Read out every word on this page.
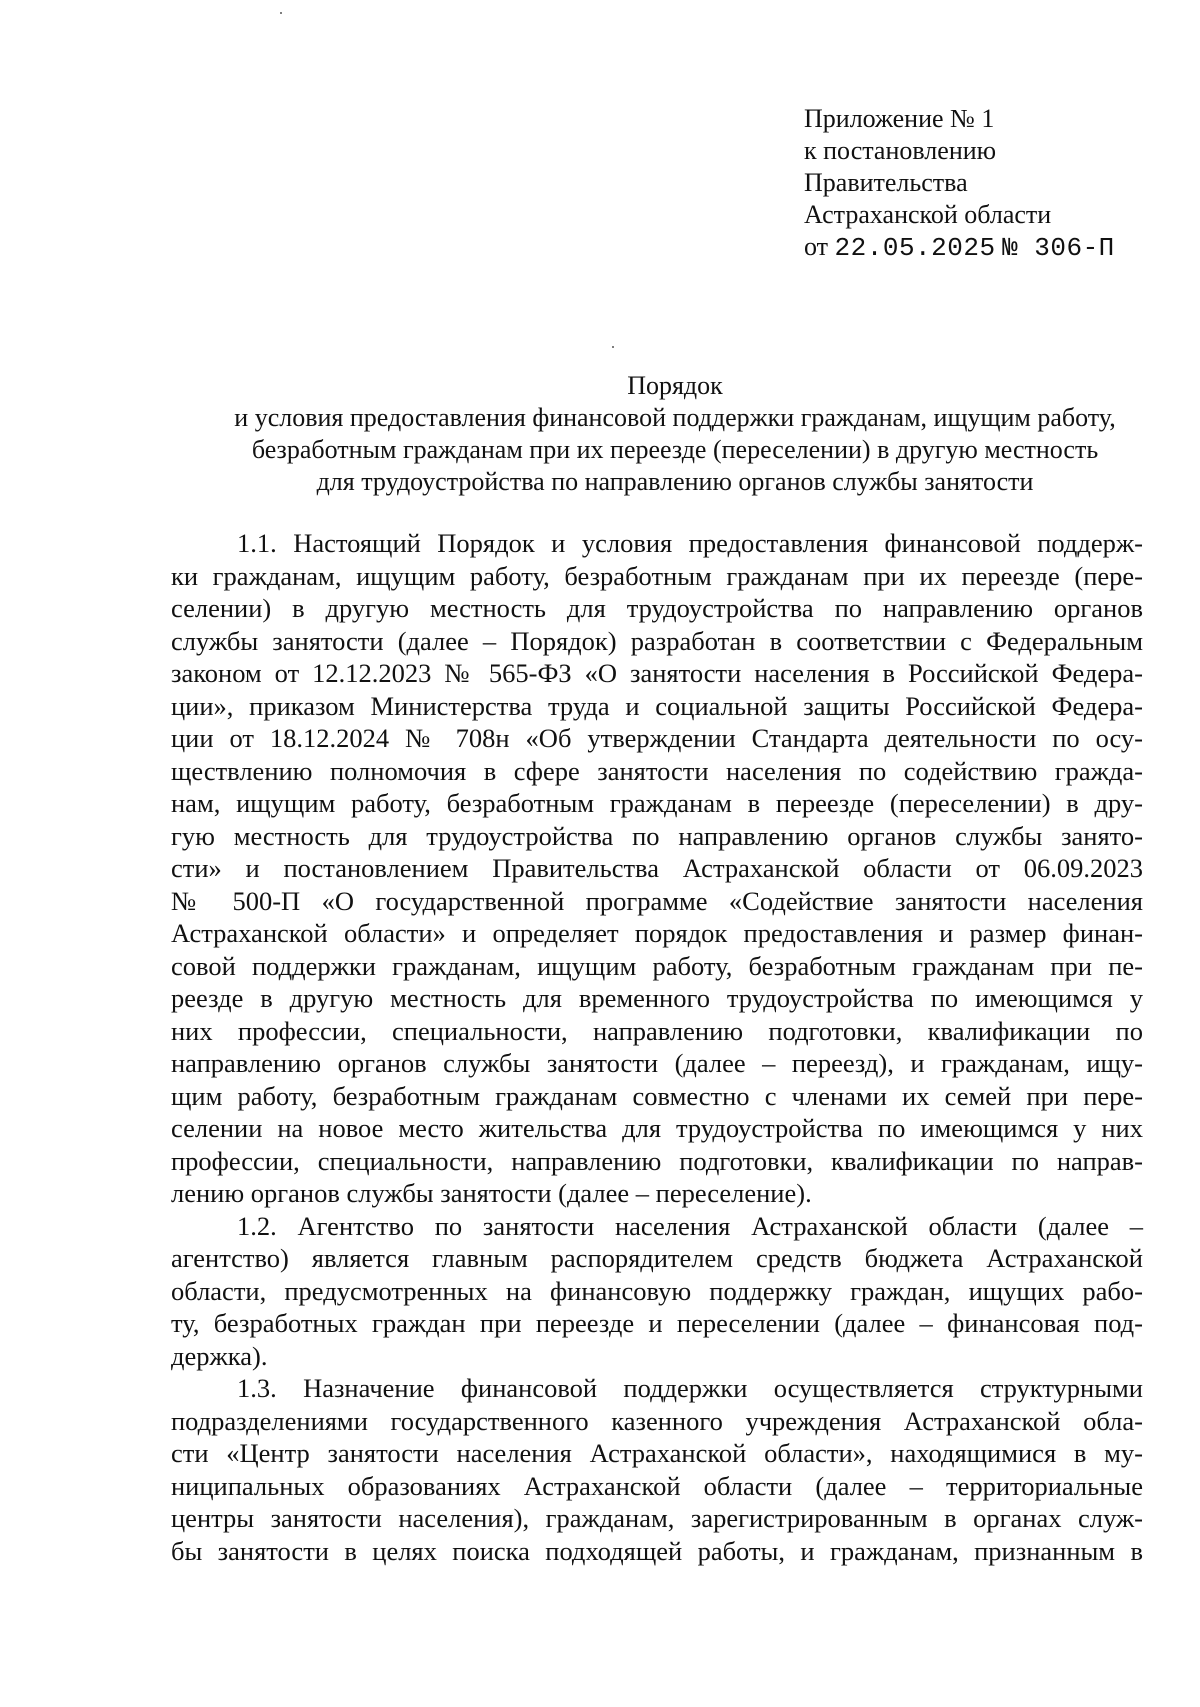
Приложение № 1
к постановлению
Правительства
Астраханской области
от 22.05.2025 № 306-П
Порядок
и условия предоставления финансовой поддержки гражданам, ищущим работу,
безработным гражданам при их переезде (переселении) в другую местность
для трудоустройства по направлению органов службы занятости
1.1. Настоящий Порядок и условия предоставления финансовой поддерж-
ки гражданам, ищущим работу, безработным гражданам при их переезде (пере-
селении) в другую местность для трудоустройства по направлению органов
службы занятости (далее – Порядок) разработан в соответствии с Федеральным
законом от 12.12.2023 № 565-ФЗ «О занятости населения в Российской Федера-
ции», приказом Министерства труда и социальной защиты Российской Федера-
ции от 18.12.2024 № 708н «Об утверждении Стандарта деятельности по осу-
ществлению полномочия в сфере занятости населения по содействию гражда-
нам, ищущим работу, безработным гражданам в переезде (переселении) в дру-
гую местность для трудоустройства по направлению органов службы занято-
сти» и постановлением Правительства Астраханской области от 06.09.2023
№ 500-П «О государственной программе «Содействие занятости населения
Астраханской области» и определяет порядок предоставления и размер финан-
совой поддержки гражданам, ищущим работу, безработным гражданам при пе-
реезде в другую местность для временного трудоустройства по имеющимся у
них профессии, специальности, направлению подготовки, квалификации по
направлению органов службы занятости (далее – переезд), и гражданам, ищу-
щим работу, безработным гражданам совместно с членами их семей при пере-
селении на новое место жительства для трудоустройства по имеющимся у них
профессии, специальности, направлению подготовки, квалификации по направ-
лению органов службы занятости (далее – переселение).
1.2. Агентство по занятости населения Астраханской области (далее –
агентство) является главным распорядителем средств бюджета Астраханской
области, предусмотренных на финансовую поддержку граждан, ищущих рабо-
ту, безработных граждан при переезде и переселении (далее – финансовая под-
держка).
1.3. Назначение финансовой поддержки осуществляется структурными
подразделениями государственного казенного учреждения Астраханской обла-
сти «Центр занятости населения Астраханской области», находящимися в му-
ниципальных образованиях Астраханской области (далее – территориальные
центры занятости населения), гражданам, зарегистрированным в органах служ-
бы занятости в целях поиска подходящей работы, и гражданам, признанным в
